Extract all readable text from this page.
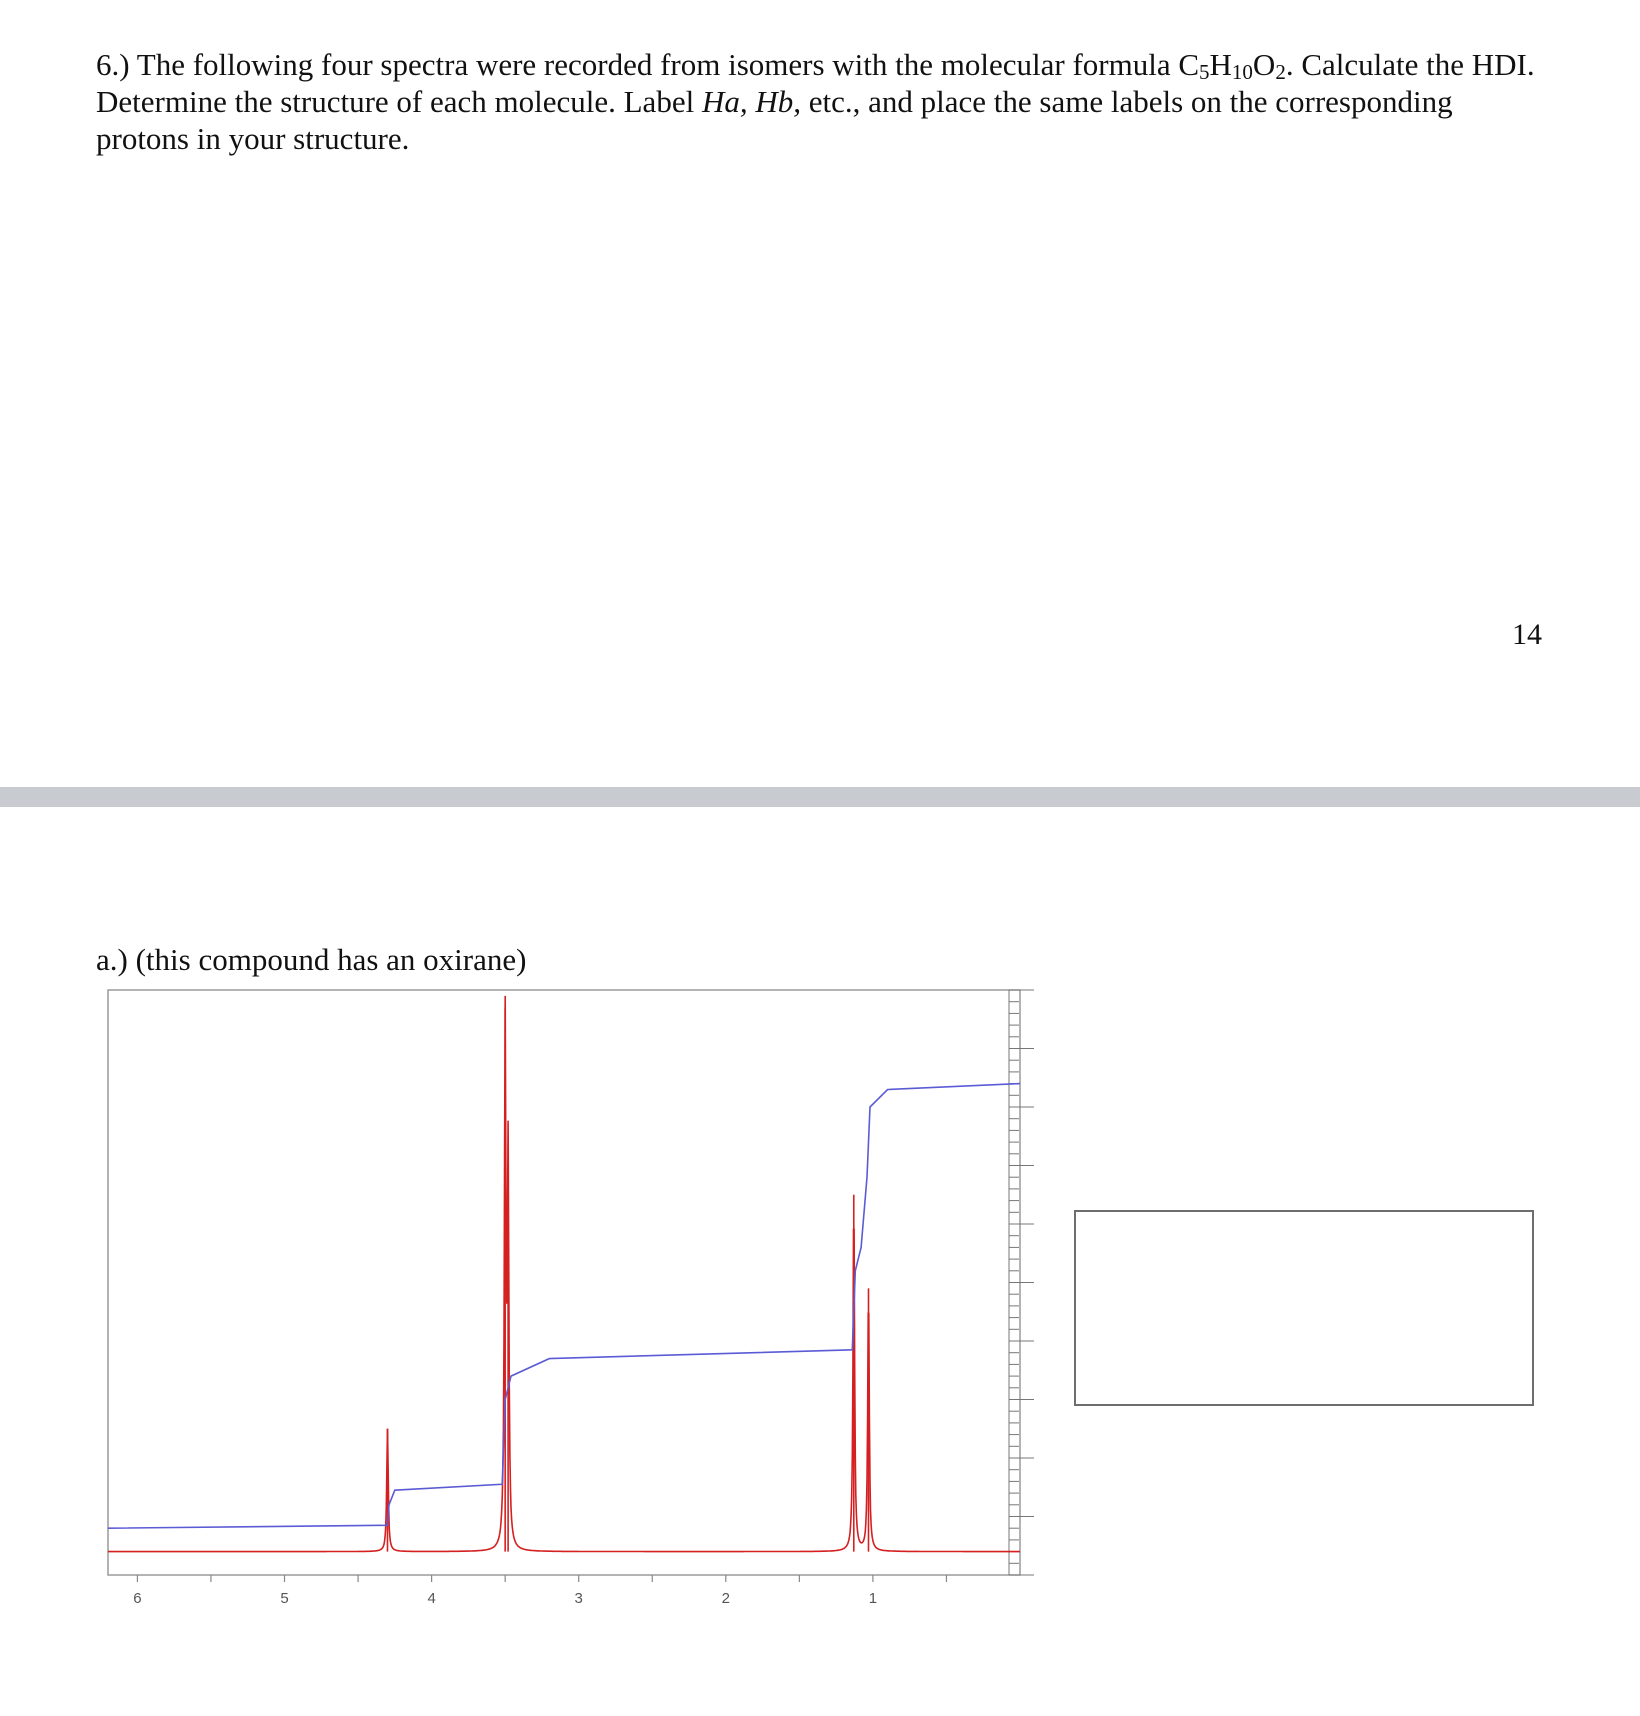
6.) The following four spectra were recorded from isomers with the molecular formula $C_5H_{10}O_2$. Calculate the HDI. Determine the structure of each molecule. Label Ha, Hb, etc., and place the same labels on the corresponding protons in your structure.
14
a.) (this compound has an oxirane)
6	5	4	3	2	1
